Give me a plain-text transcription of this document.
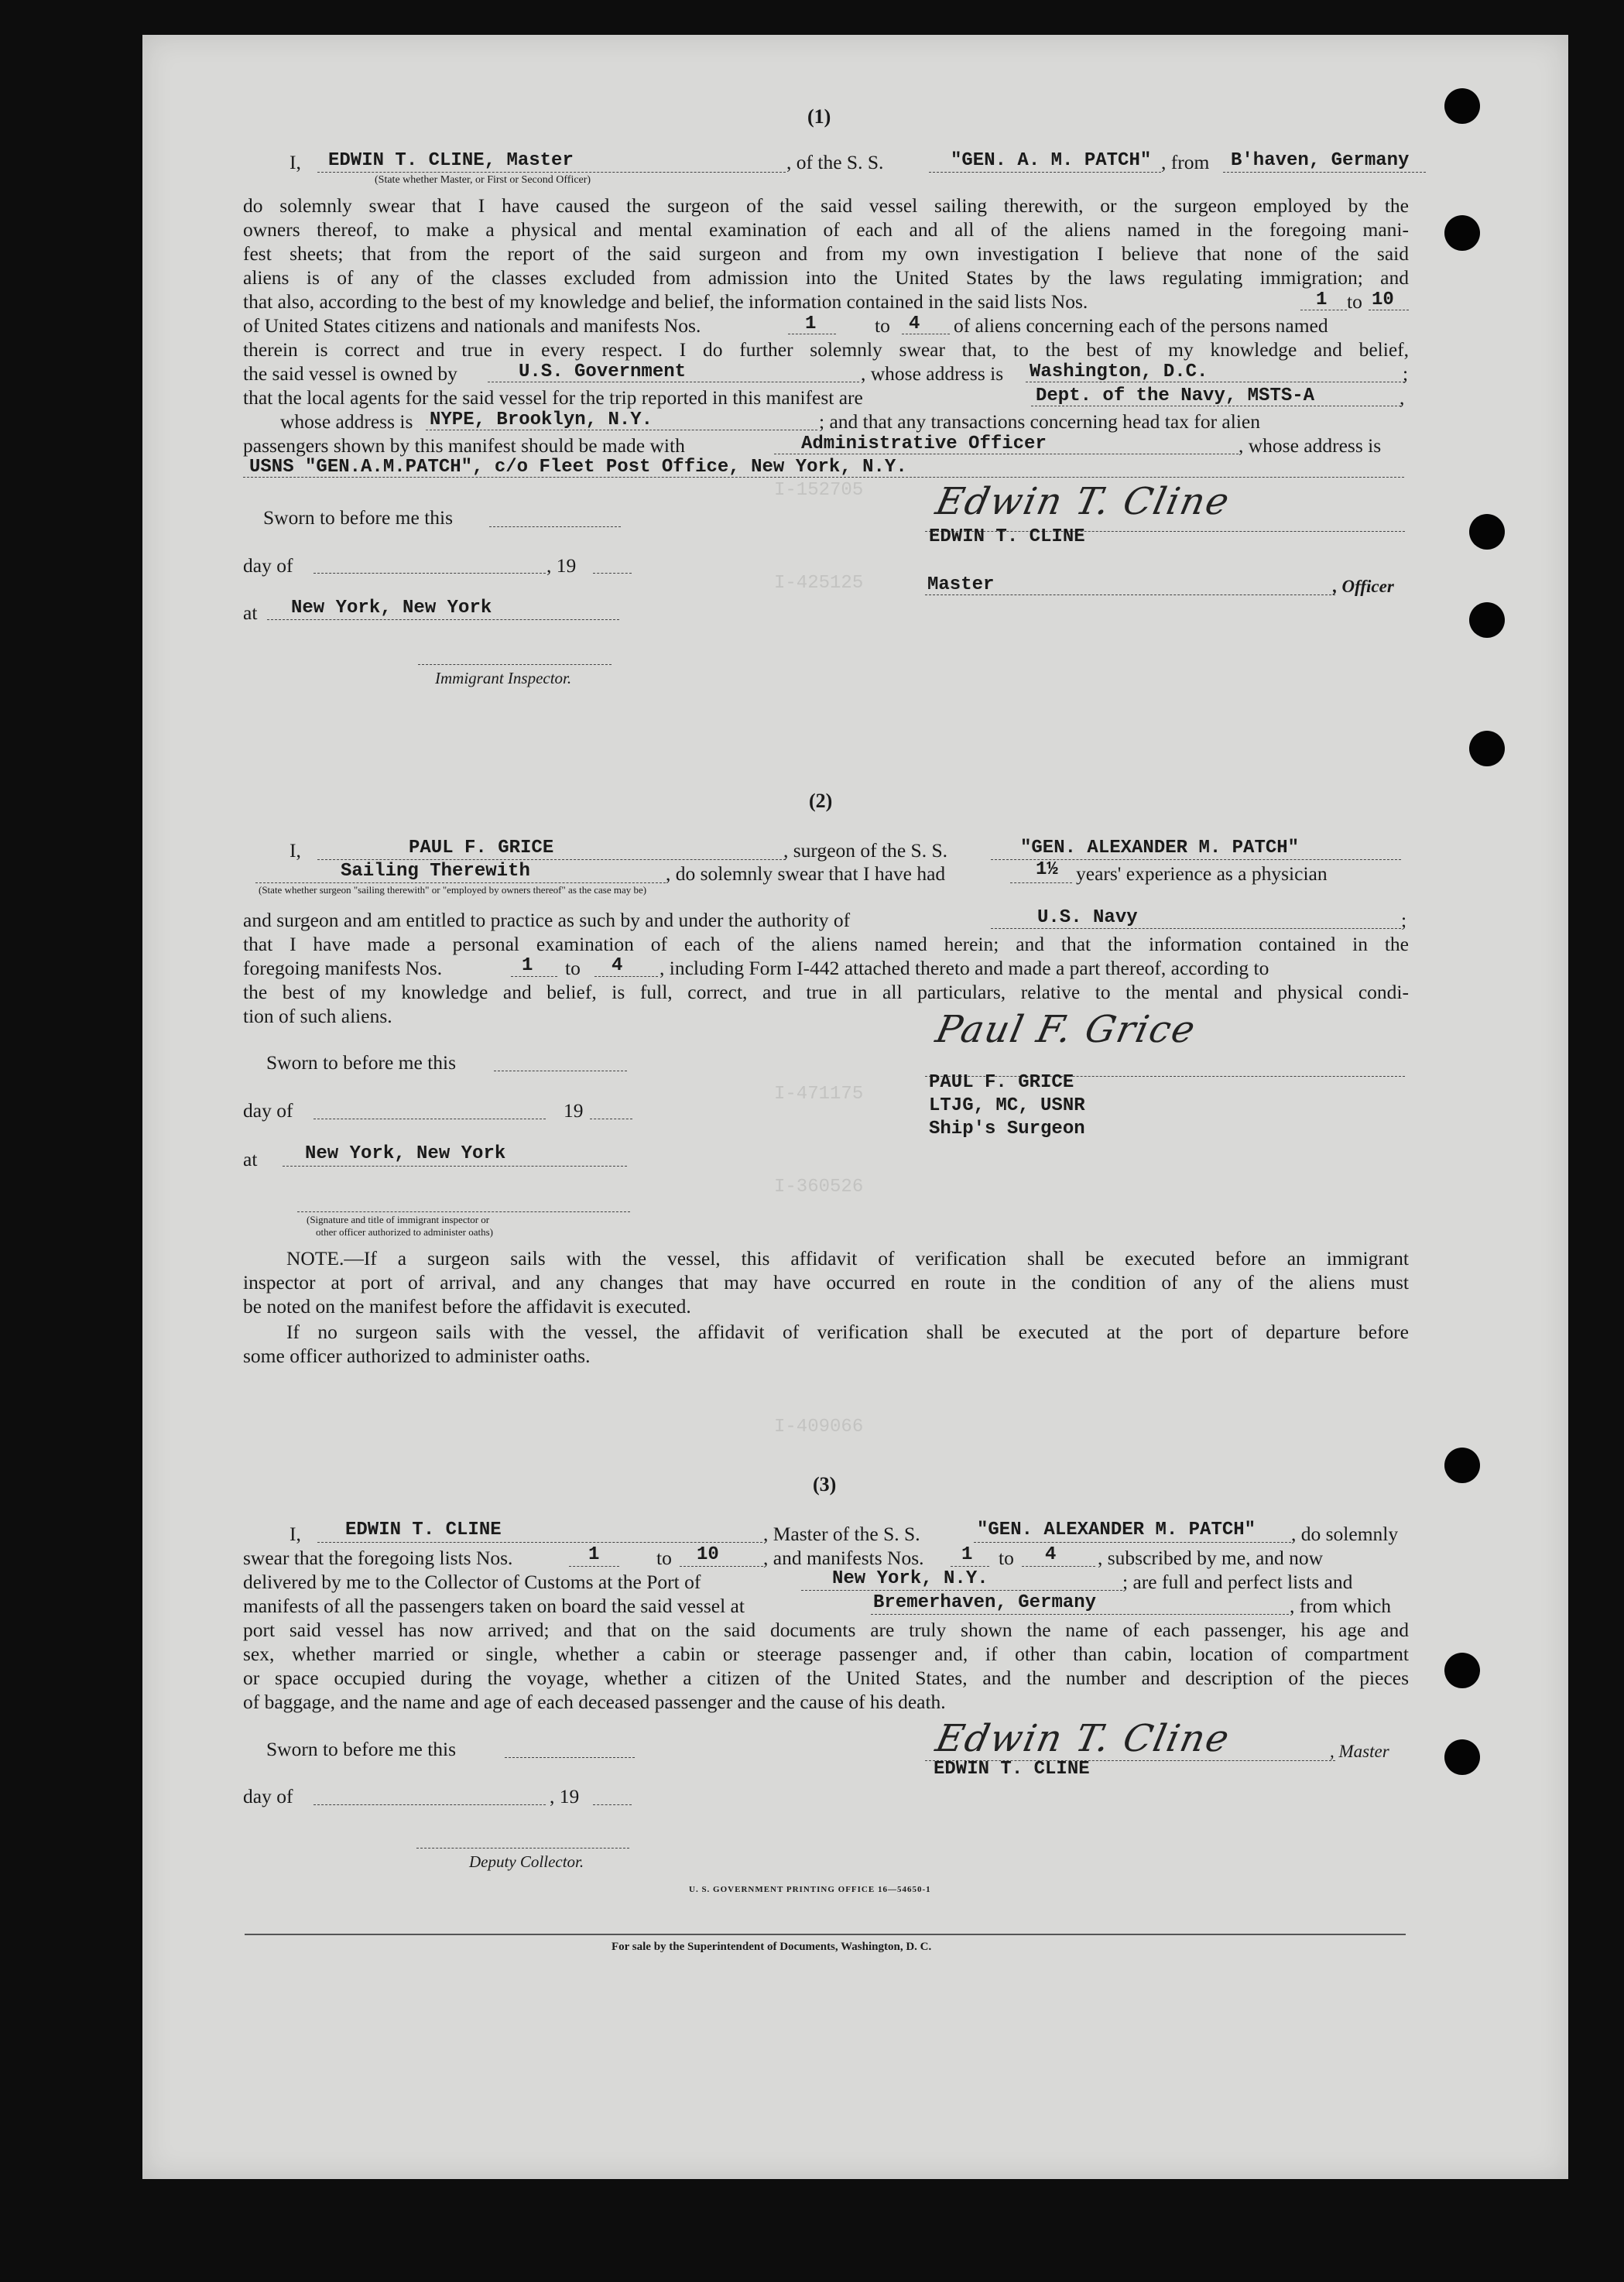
I-152705
I-425125
I-471175
I-360526
I-409066
(1)
I, EDWIN T. CLINE, Master
(State whether Master, or First or Second Officer)
, of the S. S.	"GEN. A. M. PATCH" , from B'haven, Germany
do solemnly swear that I have caused the surgeon of the said vessel sailing therewith, or the surgeon employed by the
owners thereof, to make a physical and mental examination of each and all of the aliens named in the foregoing mani-
fest sheets; that from the report of the said surgeon and from my own investigation I believe that none of the said
aliens is of any of the classes excluded from admission into the United States by the laws regulating immigration; and
that also, according to the best of my knowledge and belief, the information contained in the said lists Nos.	1 to 10
of United States citizens and nationals and manifests Nos.	1	to 4 of aliens concerning each of the persons named
therein is correct and true in every respect. I do further solemnly swear that, to the best of my knowledge and belief,
the said vessel is owned by	U.S. Government	, whose address is Washington, D.C.	;
that the local agents for the said vessel for the trip reported in this manifest are	Dept. of the Navy, MSTS-A	,
whose address is NYPE, Brooklyn, N.Y.	; and that any transactions concerning head tax for alien
passengers shown by this manifest should be made with	Administrative Officer	, whose address is
USNS "GEN.A.M.PATCH", c/o Fleet Post Office, New York, N.Y.
Sworn to before me this
day of	, 19
at New York, New York
Immigrant Inspector.
Edwin T. Cline
EDWIN T. CLINE
Master	, Officer
(2)
I,	PAUL F. GRICE	, surgeon of the S. S.	"GEN. ALEXANDER M. PATCH"
Sailing Therewith	, do solemnly swear that I have had	1½ years' experience as a physician
(State whether surgeon "sailing therewith" or "employed by owners thereof" as the case may be)
and surgeon and am entitled to practice as such by and under the authority of	U.S. Navy	;
that I have made a personal examination of each of the aliens named herein; and that the information contained in the
foregoing manifests Nos.	1 to 4 , including Form I-442 attached thereto and made a part thereof, according to
the best of my knowledge and belief, is full, correct, and true in all particulars, relative to the mental and physical condi-
tion of such aliens.
Sworn to before me this
day of	19
at	New York, New York
(Signature and title of immigrant inspector or
other officer authorized to administer oaths)
Paul F. Grice
PAUL F. GRICE
LTJG, MC, USNR
Ship's Surgeon
NOTE.—If a surgeon sails with the vessel, this affidavit of verification shall be executed before an immigrant
inspector at port of arrival, and any changes that may have occurred en route in the condition of any of the aliens must
be noted on the manifest before the affidavit is executed.
If no surgeon sails with the vessel, the affidavit of verification shall be executed at the port of departure before
some officer authorized to administer oaths.
(3)
I, EDWIN T. CLINE	, Master of the S. S.	"GEN. ALEXANDER M. PATCH" , do solemnly
swear that the foregoing lists Nos.	1	to 10 , and manifests Nos. 1 to 4 , subscribed by me, and now
delivered by me to the Collector of Customs at the Port of	New York, N.Y.	; are full and perfect lists and
manifests of all the passengers taken on board the said vessel at	Bremerhaven, Germany	, from which
port said vessel has now arrived; and that on the said documents are truly shown the name of each passenger, his age and
sex, whether married or single, whether a cabin or steerage passenger and, if other than cabin, location of compartment
or space occupied during the voyage, whether a citizen of the United States, and the number and description of the pieces
of baggage, and the name and age of each deceased passenger and the cause of his death.
Sworn to before me this
day of	, 19
Deputy Collector.
Edwin T. Cline	, Master
EDWIN T. CLINE
U. S. GOVERNMENT PRINTING OFFICE 16—54650-1
For sale by the Superintendent of Documents, Washington, D. C.
